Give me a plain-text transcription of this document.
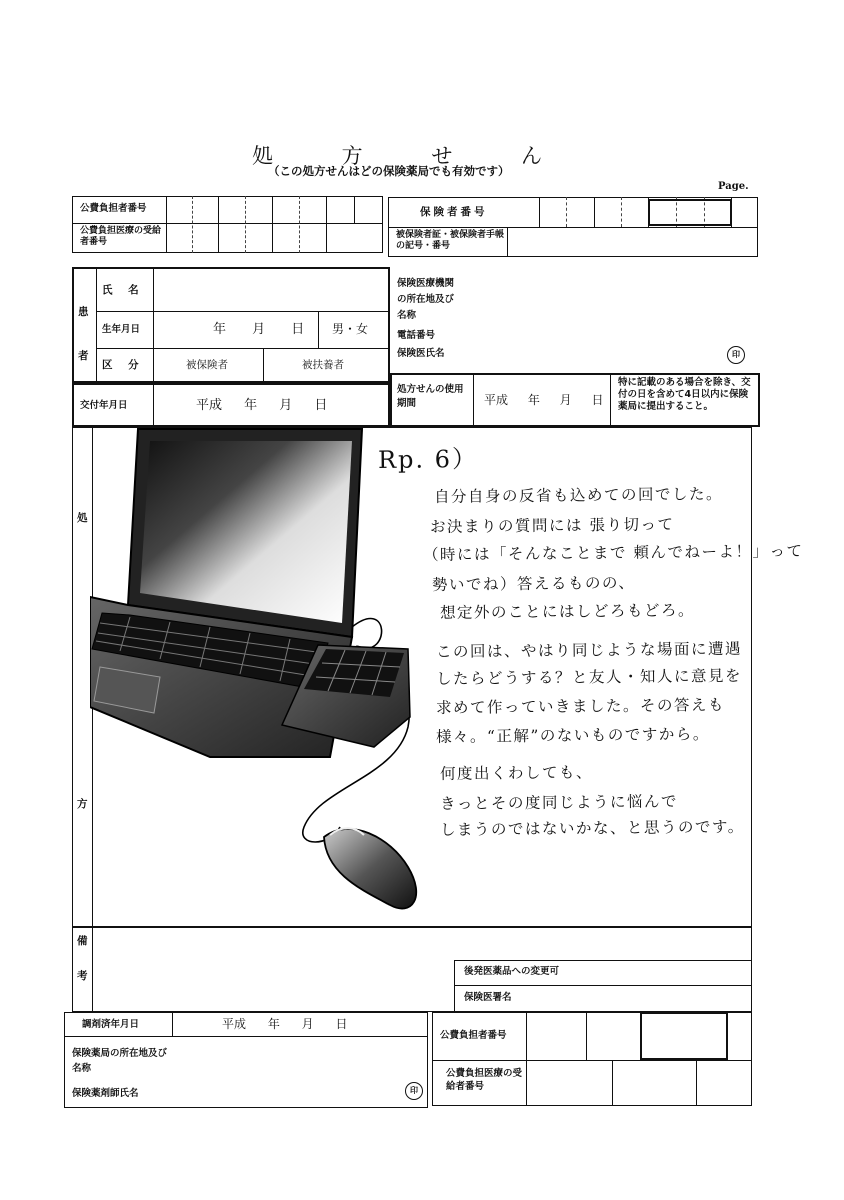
処 方 せ ん
（この処方せんはどの保険薬局でも有効です）
Page.
公費負担者番号
公費負担医療の受給者番号
保険者番号
被保険者証・被保険者手帳の記号・番号
患者
氏 名
生年月日	年 月 日 男・女
区 分	被保険者	被扶養者
保険医療機関の所在地及び名称
電話番号
保険医氏名	印
交付年月日	平成 年 月 日
処方せんの使用期間	平成 年 月 日
特に記載のある場合を除き、交付の日を含めて4日以内に保険薬局に提出すること。
処
方
Rp. 6）
自分自身の反省も込めての回でした。
お決まりの質問には 張り切って
（時には「そんなことまで 頼んでねーよ！」って
勢いでね）答えるものの、
想定外のことにはしどろもどろ。
この回は、やはり同じような場面に遭遇
したらどうする？と友人・知人に意見を
求めて作っていきました。その答えも
様々。“正解”のないものですから。
何度出くわしても、
きっとその度同じように悩んで
しまうのではないかな、と思うのです。
備
考	後発医薬品への変更可
保険医署名
調剤済年月日	平成 年 月 日
保険薬局の所在地及び名称
保険薬剤師氏名	印
公費負担者番号
公費負担医療の受給者番号
